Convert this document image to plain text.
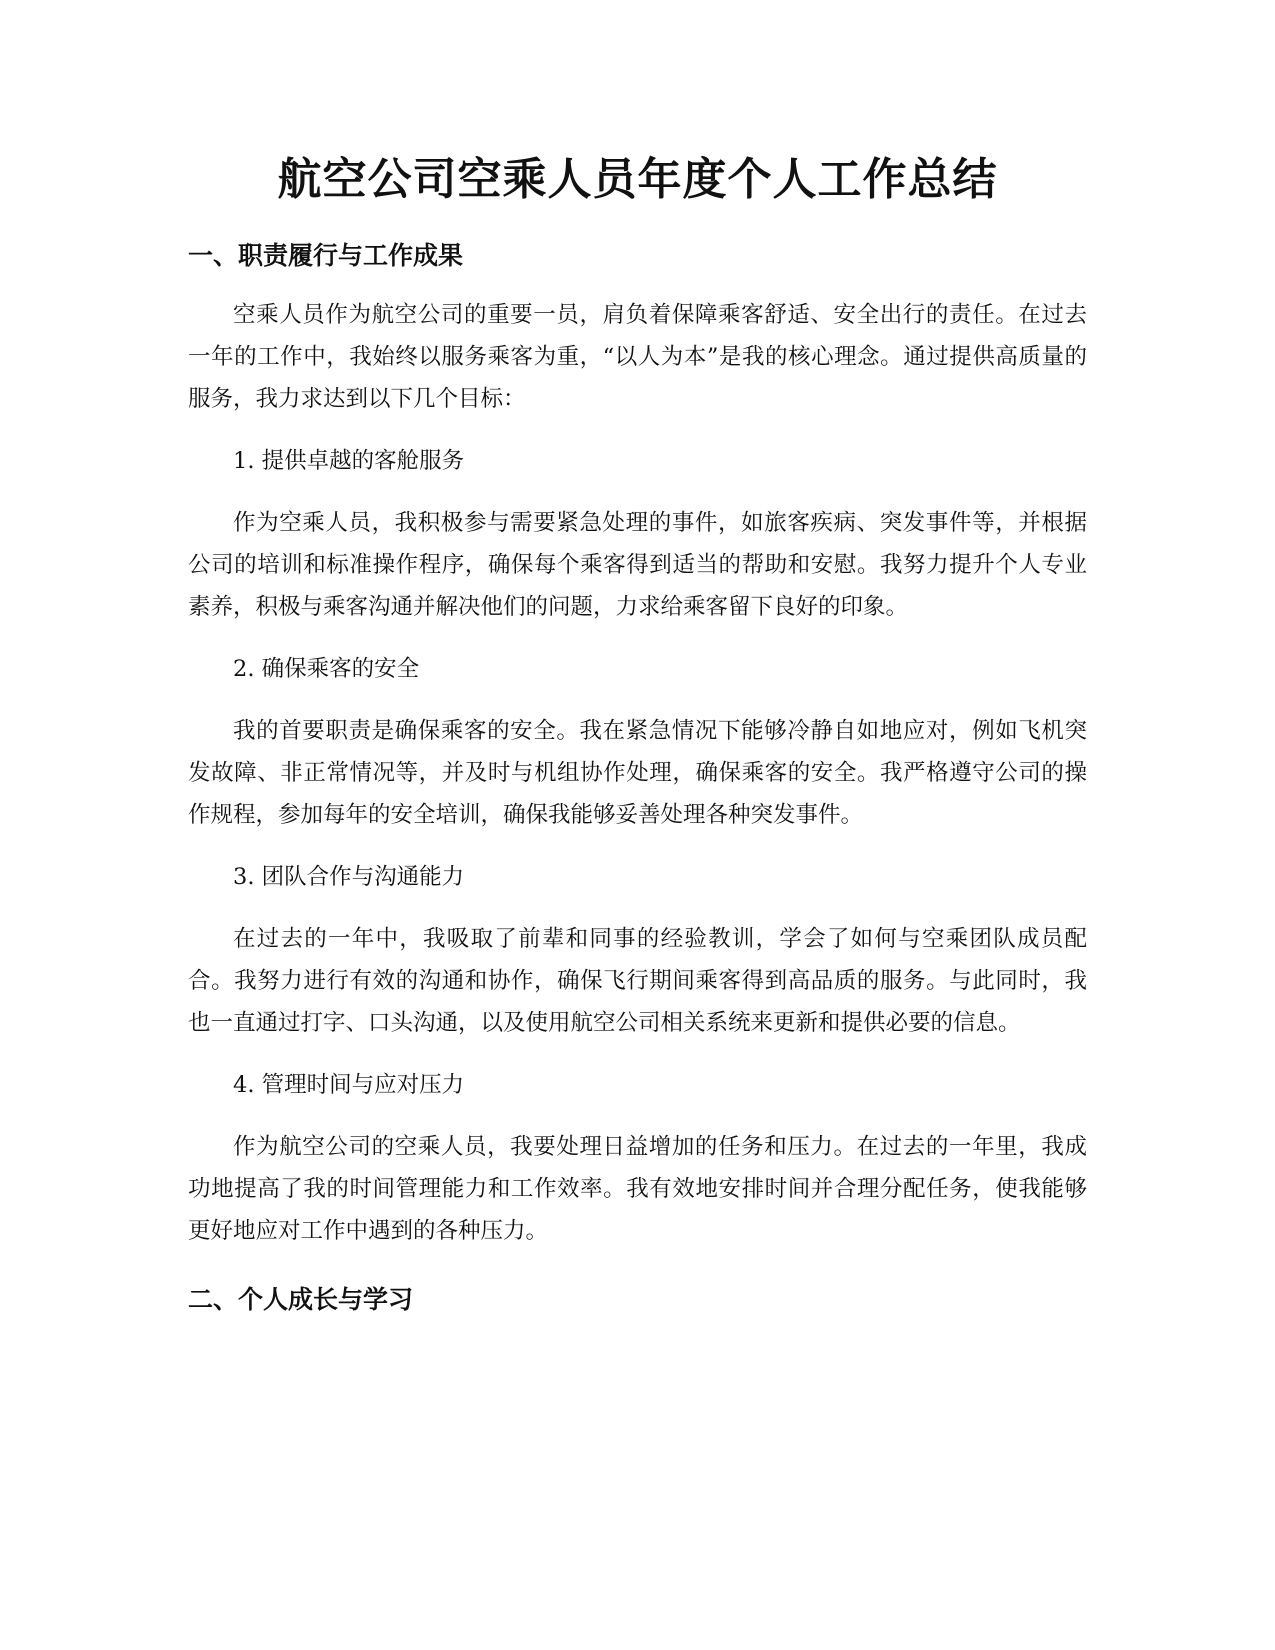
航空公司空乘人员年度个人工作总结
一、职责履行与工作成果

空乘人员作为航空公司的重要一员，肩负着保障乘客舒适、安全出行的责任。在过去一年的工作中，我始终以服务乘客为重，“以人为本”是我的核心理念。通过提供高质量的服务，我力求达到以下几个目标：

1. 提供卓越的客舱服务

作为空乘人员，我积极参与需要紧急处理的事件，如旅客疾病、突发事件等，并根据公司的培训和标准操作程序，确保每个乘客得到适当的帮助和安慰。我努力提升个人专业素养，积极与乘客沟通并解决他们的问题，力求给乘客留下良好的印象。

2. 确保乘客的安全

我的首要职责是确保乘客的安全。我在紧急情况下能够冷静自如地应对，例如飞机突发故障、非正常情况等，并及时与机组协作处理，确保乘客的安全。我严格遵守公司的操作规程，参加每年的安全培训，确保我能够妥善处理各种突发事件。

3. 团队合作与沟通能力

在过去的一年中，我吸取了前辈和同事的经验教训，学会了如何与空乘团队成员配合。我努力进行有效的沟通和协作，确保飞行期间乘客得到高品质的服务。与此同时，我也一直通过打字、口头沟通，以及使用航空公司相关系统来更新和提供必要的信息。

4. 管理时间与应对压力

作为航空公司的空乘人员，我要处理日益增加的任务和压力。在过去的一年里，我成功地提高了我的时间管理能力和工作效率。我有效地安排时间并合理分配任务，使我能够更好地应对工作中遇到的各种压力。

二、个人成长与学习
